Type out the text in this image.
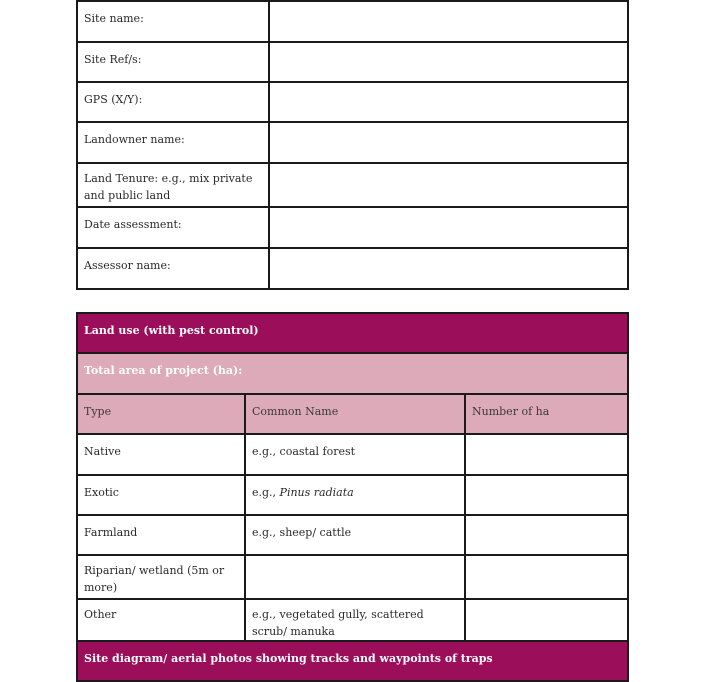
Site name:	
Site Ref/s:	
GPS (X/Y):	
Landowner name:	
Land Tenure: e.g., mix private and public land	
Date assessment:	
Assessor name:	
Land use (with pest control)		
Total area of project (ha):		
Type	Common Name	Number of ha
Native	e.g., coastal forest	
Exotic	e.g., Pinus radiata	
Farmland	e.g., sheep/ cattle	
Riparian/ wetland (5m or more)		
Other	e.g., vegetated gully, scattered scrub/ manuka	
Site diagram/ aerial photos showing tracks and waypoints of traps		
